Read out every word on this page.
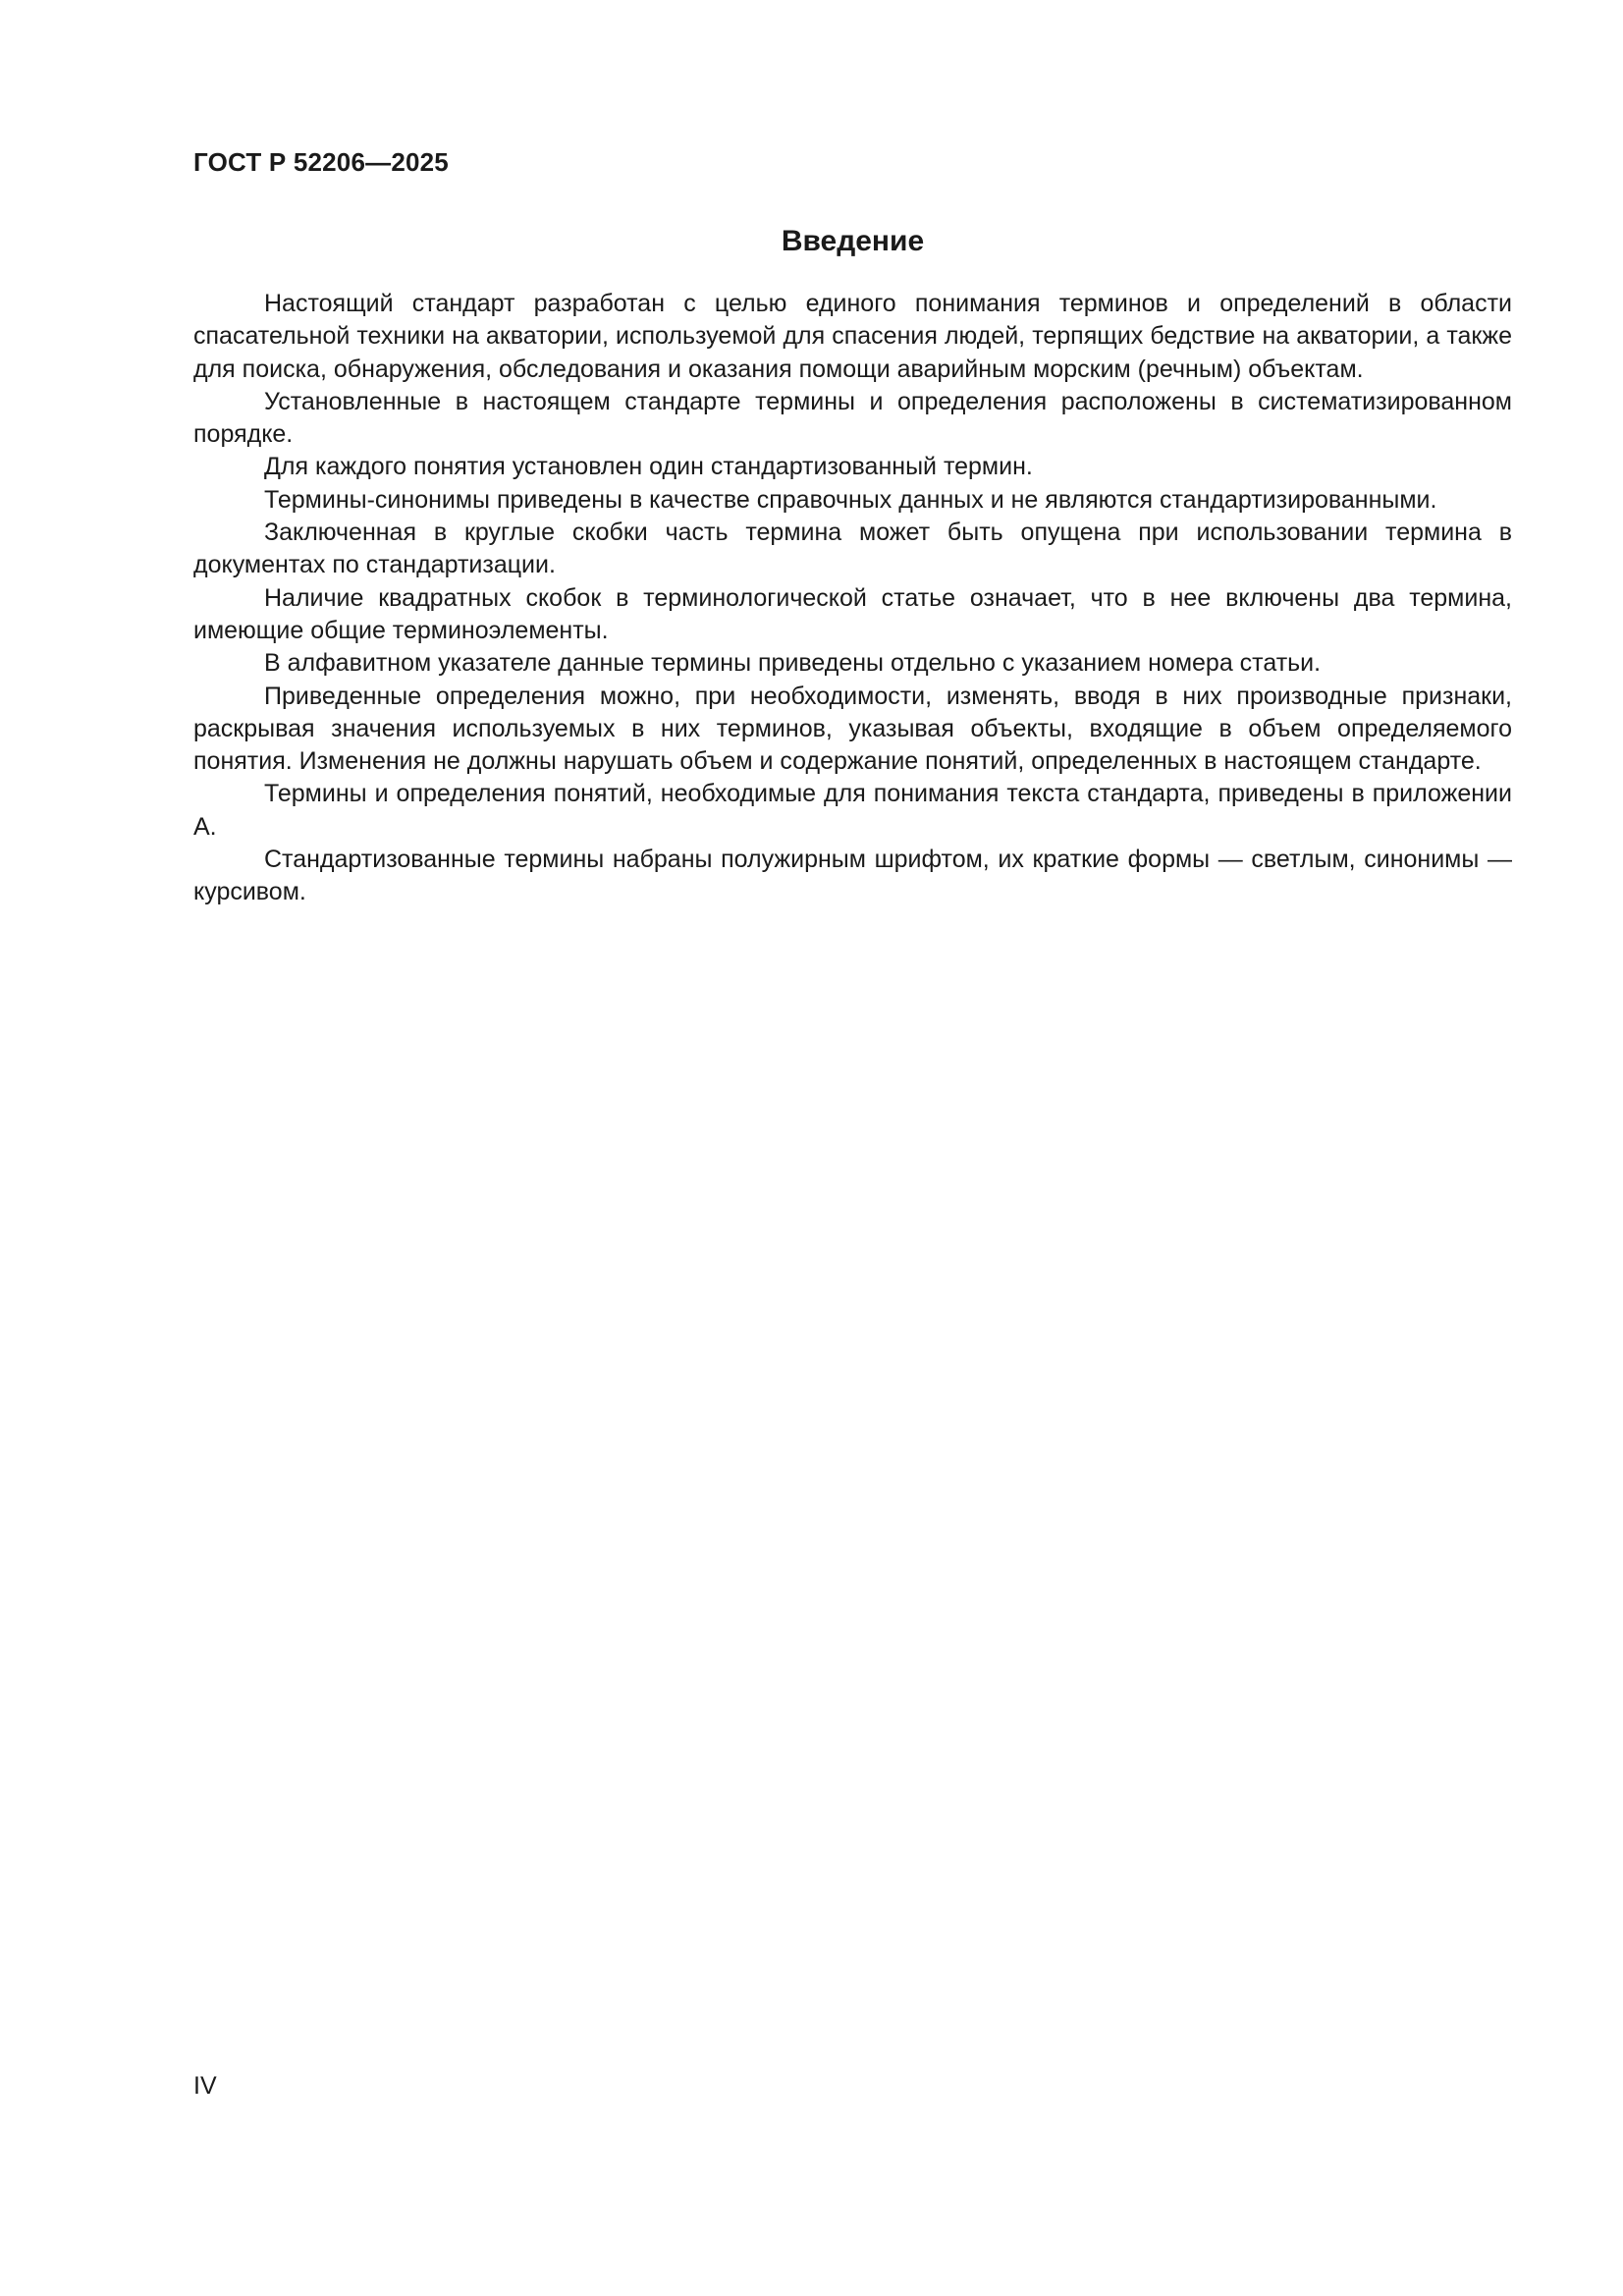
ГОСТ Р 52206—2025
Введение

Настоящий стандарт разработан с целью единого понимания терминов и определений в области спасательной техники на акватории, используемой для спасения людей, терпящих бедствие на акватории, а также для поиска, обнаружения, обследования и оказания помощи аварийным морским (речным) объектам.

Установленные в настоящем стандарте термины и определения расположены в систематизированном порядке.

Для каждого понятия установлен один стандартизованный термин.

Термины-синонимы приведены в качестве справочных данных и не являются стандартизированными.

Заключенная в круглые скобки часть термина может быть опущена при использовании термина в документах по стандартизации.

Наличие квадратных скобок в терминологической статье означает, что в нее включены два термина, имеющие общие терминоэлементы.

В алфавитном указателе данные термины приведены отдельно с указанием номера статьи.

Приведенные определения можно, при необходимости, изменять, вводя в них производные признаки, раскрывая значения используемых в них терминов, указывая объекты, входящие в объем определяемого понятия. Изменения не должны нарушать объем и содержание понятий, определенных в настоящем стандарте.

Термины и определения понятий, необходимые для понимания текста стандарта, приведены в приложении А.

Стандартизованные термины набраны полужирным шрифтом, их краткие формы — светлым, синонимы — курсивом.

IV
